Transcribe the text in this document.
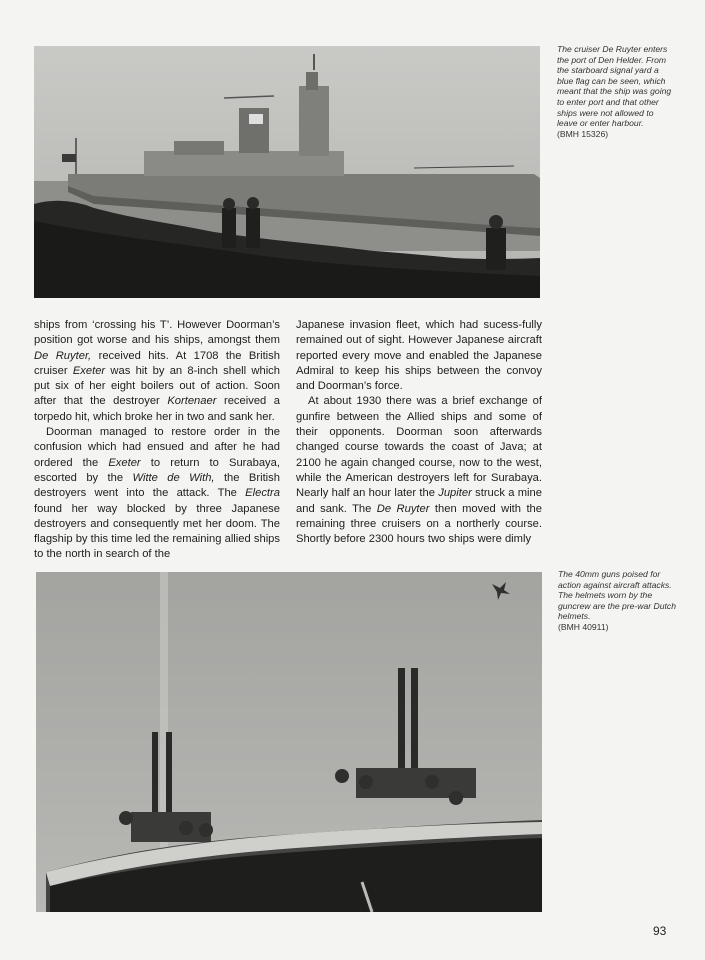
The cruiser De Ruyter enters the port of Den Helder. From the starboard signal yard a blue flag can be seen, which meant that the ship was going to enter port and that other ships were not allowed to leave or enter harbour.
(BMH 15326)

ships from ‘crossing his T’. However Doorman’s position got worse and his ships, amongst them De Ruyter, received hits. At 1708 the British cruiser Exeter was hit by an 8-inch shell which put six of her eight boilers out of action. Soon after that the destroyer Kortenaer received a torpedo hit, which broke her in two and sank her.

Doorman managed to restore order in the confusion which had ensued and after he had ordered the Exeter to return to Surabaya, escorted by the Witte de With, the British destroyers went into the attack. The Electra found her way blocked by three Japanese destroyers and consequently met her doom. The flagship by this time led the remaining allied ships to the north in search of the

Japanese invasion fleet, which had sucess-fully remained out of sight. However Japanese aircraft reported every move and enabled the Japanese Admiral to keep his ships between the convoy and Doorman’s force.

At about 1930 there was a brief exchange of gunfire between the Allied ships and some of their opponents. Doorman soon afterwards changed course towards the coast of Java; at 2100 he again changed course, now to the west, while the American destroyers left for Surabaya. Nearly half an hour later the Jupiter struck a mine and sank. The De Ruyter then moved with the remaining three cruisers on a northerly course. Shortly before 2300 hours two ships were dimly

The 40mm guns poised for action against aircraft attacks. The helmets worn by the guncrew are the pre-war Dutch helmets.
(BMH 40911)
93
